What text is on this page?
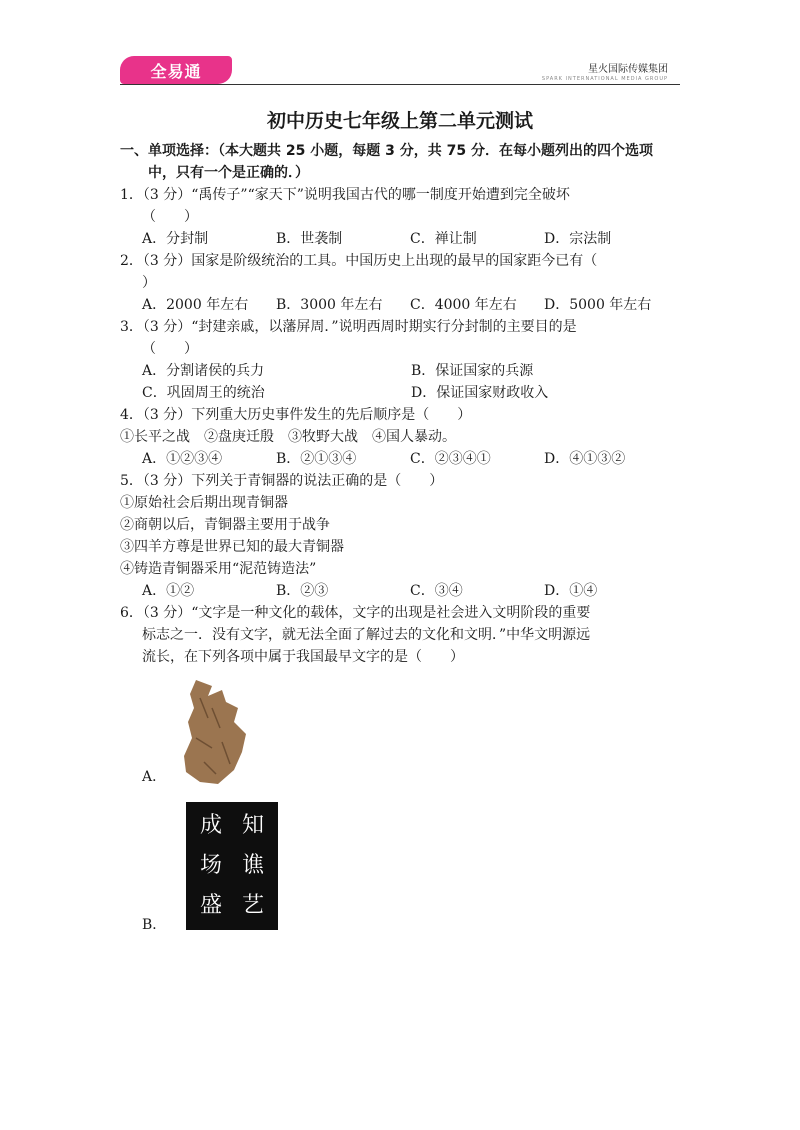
全易通	星火国际传媒集团
SPARK INTERNATIONAL MEDIA GROUP
初中历史七年级上第二单元测试
一、单项选择：（本大题共 25 小题，每题 3 分，共 75 分．在每小题列出的四个选项中，只有一个是正确的．）
1．（3 分）“禹传子”“家天下”说明我国古代的哪一制度开始遭到完全破坏
（　　）
A．分封制	B．世袭制	C．禅让制	D．宗法制
2．（3 分）国家是阶级统治的工具。中国历史上出现的最早的国家距今已有（
）
A．2000 年左右	B．3000 年左右	C．4000 年左右	D．5000 年左右
3．（3 分）“封建亲戚，以藩屏周．”说明西周时期实行分封制的主要目的是
（　　）
A．分割诸侯的兵力	B．保证国家的兵源
C．巩固周王的统治	D．保证国家财政收入
4．（3 分）下列重大历史事件发生的先后顺序是（　　）
①长平之战　②盘庚迁殷　③牧野大战　④国人暴动。
A．①②③④	B．②①③④	C．②③④①	D．④①③②
5．（3 分）下列关于青铜器的说法正确的是（　　）
①原始社会后期出现青铜器
②商朝以后，青铜器主要用于战争
③四羊方尊是世界已知的最大青铜器
④铸造青铜器采用“泥范铸造法”
A．①②	B．②③	C．③④	D．①④
6．（3 分）“文字是一种文化的载体，文字的出现是社会进入文明阶段的重要
标志之一．没有文字，就无法全面了解过去的文化和文明．”中华文明源远
流长，在下列各项中属于我国最早文字的是（　　）
A．
成 知
场 谯
盛 艺
B．
